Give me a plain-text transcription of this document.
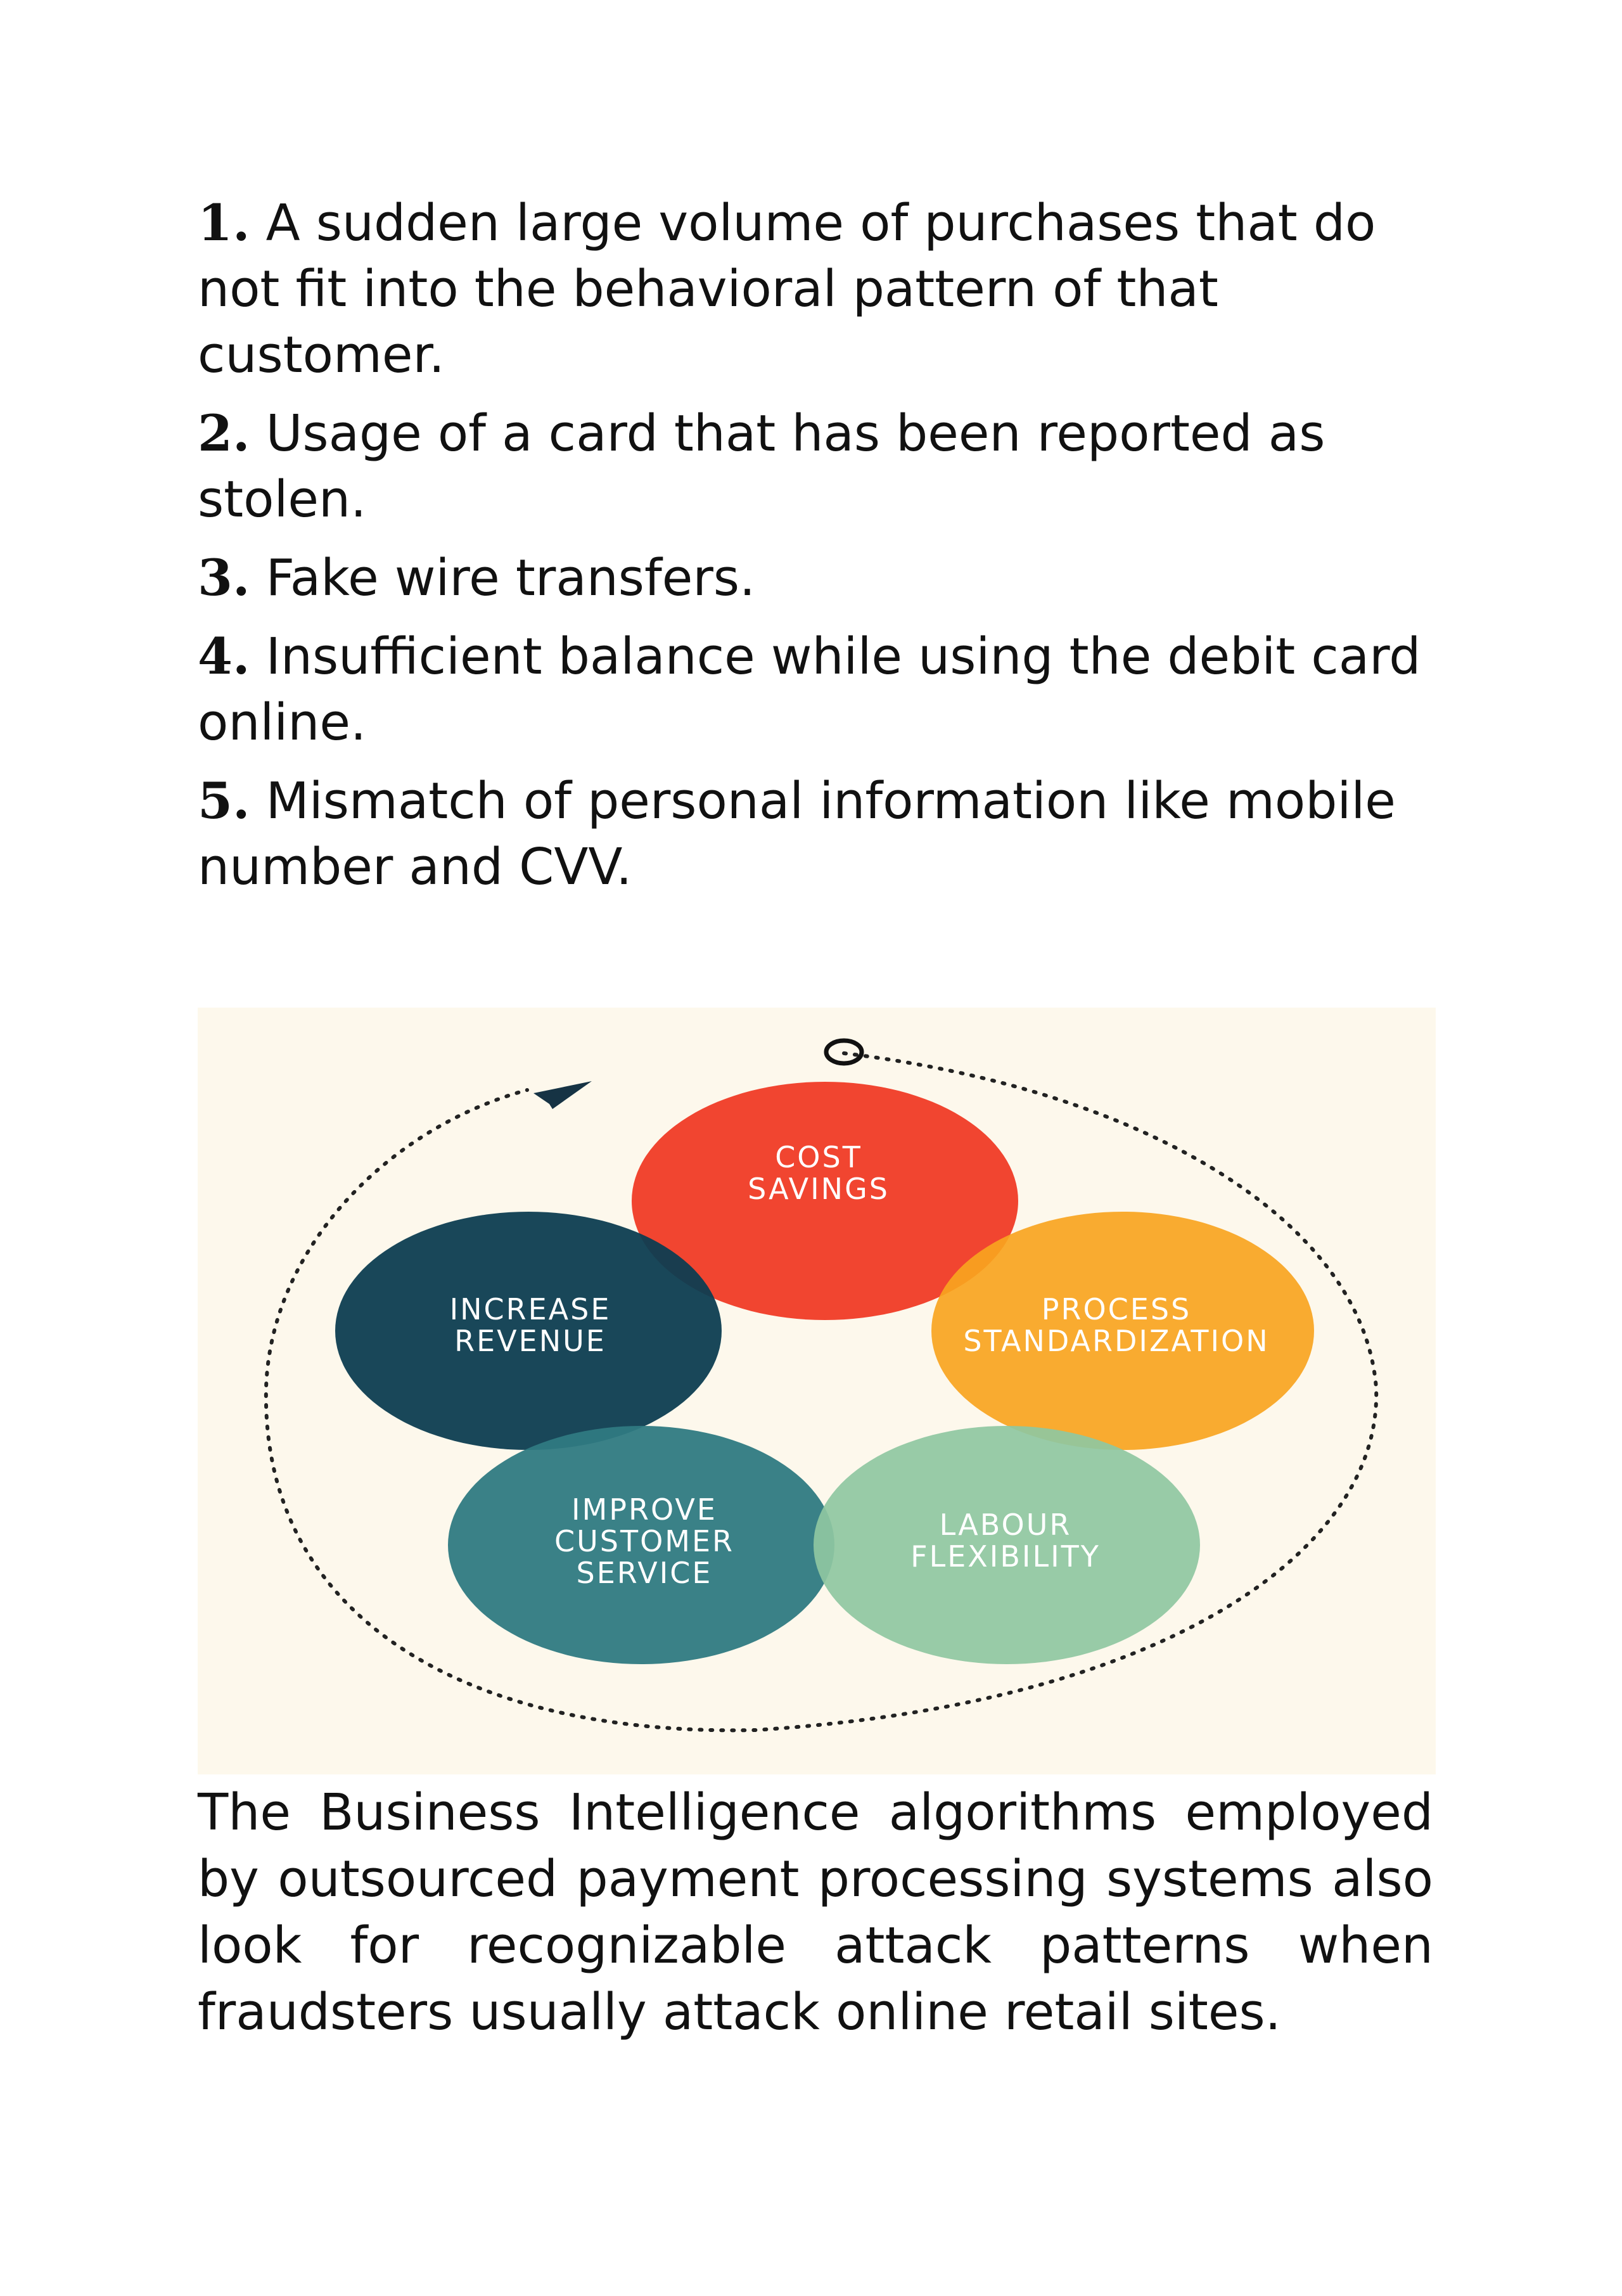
1. A sudden large volume of purchases that do not fit into the behavioral pattern of that customer.
2. Usage of a card that has been reported as stolen.
3. Fake wire transfers.
4. Insufficient balance while using the debit card online.
5. Mismatch of personal information like mobile number and CVV.
COST
SAVINGS
INCREASE
REVENUE
PROCESS
STANDARDIZATION
IMPROVE
CUSTOMER
SERVICE
LABOUR
FLEXIBILITY
The Business Intelligence algorithms employed by outsourced payment processing systems also look for recognizable attack patterns when fraudsters usually attack online retail sites.
